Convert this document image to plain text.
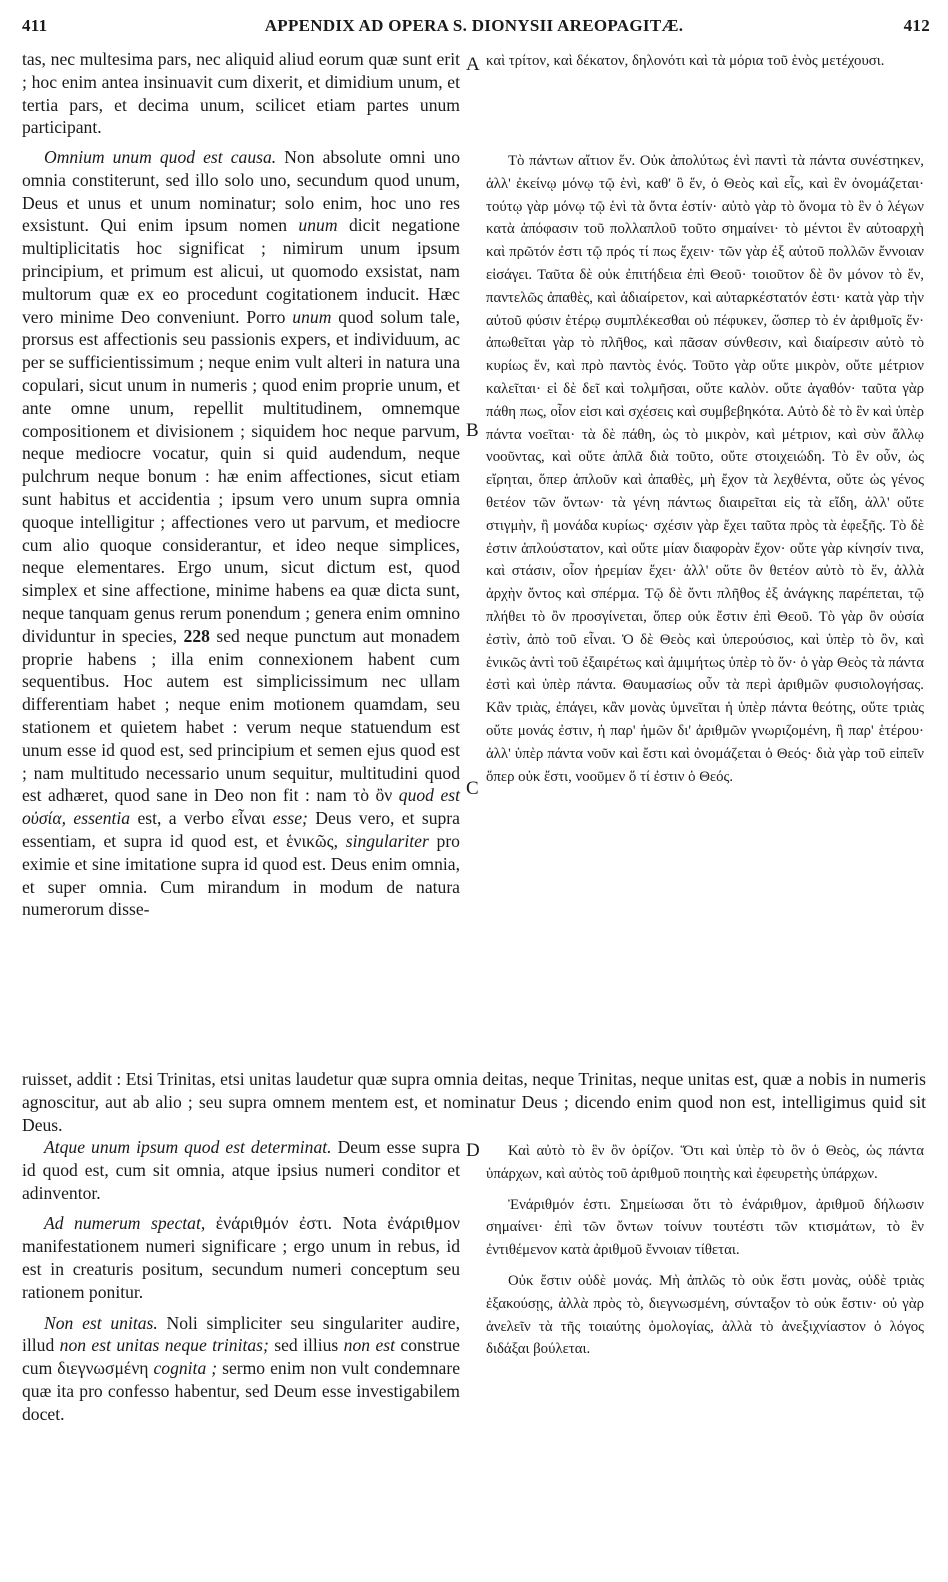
411	APPENDIX AD OPERA S. DIONYSII AREOPAGITÆ.	412

tas, nec multesima pars, nec aliquid aliud eorum quæ sunt erit ; hoc enim antea insinuavit cum dixerit, et dimidium unum, et tertia pars, et decima unum, scilicet etiam partes unum participant.

A καὶ τρίτον, καὶ δέκατον, δηλονότι καὶ τὰ μόρια τοῦ ἑνὸς μετέχουσι.

Omnium unum quod est causa. Non absolute omni uno omnia constiterunt, sed illo solo uno, secundum quod unum, Deus et unus et unum nominatur; solo enim, hoc uno res exsistunt. Qui enim ipsum nomen unum dicit negatione multiplicitatis hoc significat ; nimirum unum ipsum principium, et primum est alicui, ut quomodo exsistat, nam multorum quæ ex eo procedunt cogitationem inducit. Hæc vero minime Deo conveniunt. Porro unum quod solum tale, prorsus est affectionis seu passionis expers, et individuum, ac per se sufficientissimum ; neque enim vult alteri in natura una copulari, sicut unum in numeris ; quod enim proprie unum, et ante omne unum, repellit multitudinem, omnemque compositionem et divisionem ; siquidem hoc neque parvum, neque mediocre vocatur, quin si quid audendum, neque pulchrum neque bonum : hæ enim affectiones, sicut etiam sunt habitus et accidentia ; ipsum vero unum supra omnia quoque intelligitur ; affectiones vero ut parvum, et mediocre cum alio quoque considerantur, et ideo neque simplices, neque elementares. Ergo unum, sicut dictum est, quod simplex et sine affectione, minime habens ea quæ dicta sunt, neque tanquam genus rerum ponendum ; genera enim omnino dividuntur in species, 228 sed neque punctum aut monadem proprie habens ; illa enim connexionem habent cum sequentibus. Hoc autem est simplicissimum nec ullam differentiam habet ; neque enim motionem quamdam, seu stationem et quietem habet : verum neque statuendum est unum esse id quod est, sed principium et semen ejus quod est ; nam multitudo necessario unum sequitur, multitudini quod est adhæret, quod sane in Deo non fit : nam τὸ ὂν quod est οὐσία, essentia est, a verbo εἶναι esse; Deus vero, et supra essentiam, et supra id quod est, et ἑνικῶς, singulariter pro eximie et sine imitatione supra id quod est. Deus enim omnia, et super omnia. Cum mirandum in modum de natura numerorum disse-

B
C

Τὸ πάντων αἴτιον ἕν. Οὐκ ἀπολύτως ἑνὶ παντὶ τὰ πάντα συνέστηκεν, ἀλλ' ἐκείνῳ μόνῳ τῷ ἑνὶ, καθ' ὃ ἕν, ὁ Θεὸς καὶ εἷς, καὶ ἓν ὀνομάζεται· τούτῳ γὰρ μόνῳ τῷ ἑνὶ τὰ ὄντα ἐστίν· αὐτὸ γὰρ τὸ ὄνομα τὸ ἓν ὁ λέγων κατὰ ἀπόφασιν τοῦ πολλαπλοῦ τοῦτο σημαίνει· τὸ μέντοι ἓν αὐτοαρχὴ καὶ πρῶτόν ἐστι τῷ πρός τί πως ἔχειν· τῶν γὰρ ἐξ αὐτοῦ πολλῶν ἔννοιαν εἰσάγει. Ταῦτα δὲ οὐκ ἐπιτήδεια ἐπὶ Θεοῦ· τοιοῦτον δὲ ὂν μόνον τὸ ἕν, παντελῶς ἀπαθὲς, καὶ ἀδιαίρετον, καὶ αὐταρκέστατόν ἐστι· κατὰ γὰρ τὴν αὐτοῦ φύσιν ἑτέρῳ συμπλέκεσθαι οὐ πέφυκεν, ὥσπερ τὸ ἐν ἀριθμοῖς ἕν· ἀπωθεῖται γὰρ τὸ πλῆθος, καὶ πᾶσαν σύνθεσιν, καὶ διαίρεσιν αὐτὸ τὸ κυρίως ἕν, καὶ πρὸ παντὸς ἑνός. Τοῦτο γὰρ οὔτε μικρὸν, οὔτε μέτριον καλεῖται· εἰ δὲ δεῖ καὶ τολμῆσαι, οὔτε καλὸν. οὔτε ἀγαθόν· ταῦτα γὰρ πάθη πως, οἷον εἰσι καὶ σχέσεις καὶ συμβεβηκότα. Αὐτὸ δὲ τὸ ἓν καὶ ὑπὲρ πάντα νοεῖται· τὰ δὲ πάθη, ὡς τὸ μικρὸν, καὶ μέτριον, καὶ σὺν ἄλλῳ νοοῦντας, καὶ οὔτε ἁπλᾶ διὰ τοῦτο, οὔτε στοιχειώδη. Τὸ ἓν οὖν, ὡς εἴρηται, ὅπερ ἁπλοῦν καὶ ἀπαθὲς, μὴ ἔχον τὰ λεχθέντα, οὔτε ὡς γένος θετέον τῶν ὄντων· τὰ γένη πάντως διαιρεῖται εἰς τὰ εἴδη, ἀλλ' οὔτε στιγμὴν, ἢ μονάδα κυρίως· σχέσιν γὰρ ἔχει ταῦτα πρὸς τὰ ἐφεξῆς. Τὸ δὲ ἐστιν ἁπλούστατον, καὶ οὔτε μίαν διαφορὰν ἔχον· οὔτε γὰρ κίνησίν τινα, καὶ στάσιν, οἷον ἠρεμίαν ἔχει· ἀλλ' οὔτε ὂν θετέον αὐτὸ τὸ ἕν, ἀλλὰ ἀρχὴν ὄντος καὶ σπέρμα. Τῷ δὲ ὄντι πλῆθος ἐξ ἀνάγκης παρέπεται, τῷ πλήθει τὸ ὂν προσγίνεται, ὅπερ οὐκ ἔστιν ἐπὶ Θεοῦ. Τὸ γὰρ ὂν οὐσία ἐστὶν, ἀπὸ τοῦ εἶναι. Ὁ δὲ Θεὸς καὶ ὑπερούσιος, καὶ ὑπὲρ τὸ ὂν, καὶ ἑνικῶς ἀντὶ τοῦ ἐξαιρέτως καὶ ἀμιμήτως ὑπὲρ τὸ ὄν· ὁ γὰρ Θεὸς τὰ πάντα ἐστὶ καὶ ὑπὲρ πάντα. Θαυμασίως οὖν τὰ περὶ ἀριθμῶν φυσιολογήσας. Κἂν τριὰς, ἐπάγει, κἂν μονὰς ὑμνεῖται ἡ ὑπὲρ πάντα θεότης, οὔτε τριὰς οὔτε μονάς ἐστιν, ἡ παρ' ἡμῶν δι' ἀριθμῶν γνωριζομένη, ἢ παρ' ἑτέρου· ἀλλ' ὑπὲρ πάντα νοῦν καὶ ἔστι καὶ ὀνομάζεται ὁ Θεός· διὰ γὰρ τοῦ εἰπεῖν ὅπερ οὐκ ἔστι, νοοῦμεν ὅ τί ἐστιν ὁ Θεός.

ruisset, addit : Etsi Trinitas, etsi unitas laudetur quæ supra omnia deitas, neque Trinitas, neque unitas est, quæ a nobis in numeris agnoscitur, aut ab alio ; seu supra omnem mentem est, et nominatur Deus ; dicendo enim quod non est, intelligimus quid sit Deus.

Atque unum ipsum quod est determinat. Deum esse supra id quod est, cum sit omnia, atque ipsius numeri conditor et adinventor.

Ad numerum spectat, ἐνάριθμόν ἐστι. Nota ἐνάριθμον manifestationem numeri significare ; ergo unum in rebus, id est in creaturis positum, secundum numeri conceptum seu rationem ponitur.

Non est unitas. Noli simpliciter seu singulariter audire, illud non est unitas neque trinitas; sed illius non est construe cum διεγνωσμένη cognita ; sermo enim non vult condemnare quæ ita pro confesso habentur, sed Deum esse investigabilem docet.

D	Καὶ αὐτὸ τὸ ἓν ὂν ὁρίζον. Ὅτι καὶ ὑπὲρ τὸ ὂν ὁ Θεὸς, ὡς πάντα ὑπάρχων, καὶ αὐτὸς τοῦ ἀριθμοῦ ποιητὴς καὶ ἐφευρετὴς ὑπάρχων.

Ἐνάριθμόν ἐστι. Σημείωσαι ὅτι τὸ ἐνάριθμον, ἀριθμοῦ δήλωσιν σημαίνει· ἐπὶ τῶν ὄντων τοίνυν τουτέστι τῶν κτισμάτων, τὸ ἓν ἐντιθέμενον κατὰ ἀριθμοῦ ἔννοιαν τίθεται.

Οὐκ ἔστιν οὐδὲ μονάς. Μὴ ἁπλῶς τὸ οὐκ ἔστι μονὰς, οὐδὲ τριὰς ἐξακούσῃς, ἀλλὰ πρὸς τὸ, διεγνωσμένη, σύνταξον τὸ οὐκ ἔστιν· οὐ γὰρ ἀνελεῖν τὰ τῆς τοιαύτης ὁμολογίας, ἀλλὰ τὸ ἀνεξιχνίαστον ὁ λόγος διδάξαι βούλεται.
